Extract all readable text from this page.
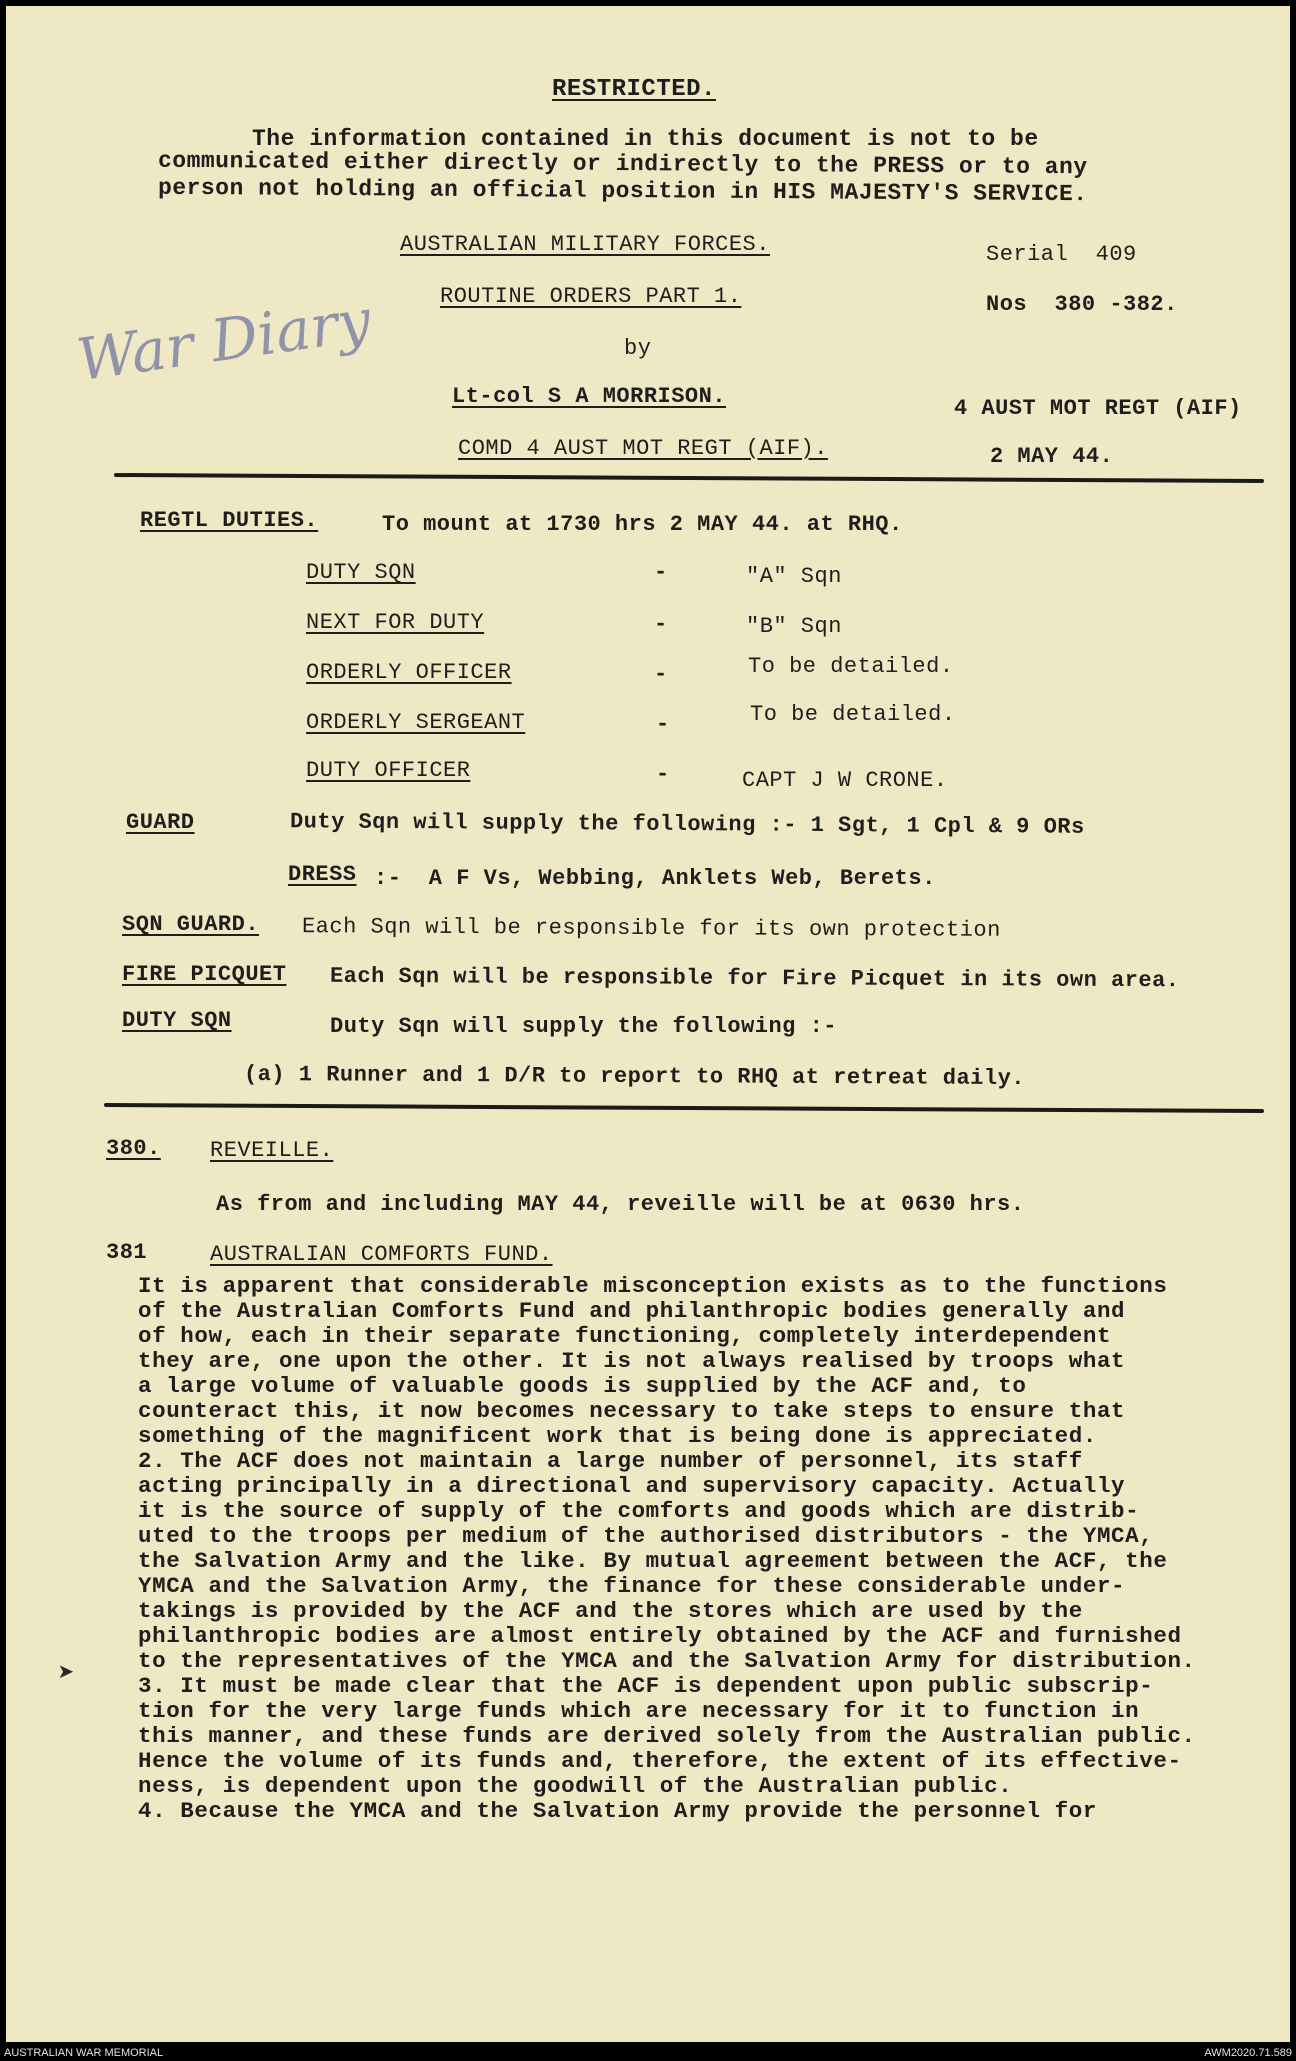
RESTRICTED.
The information contained in this document is not to be
communicated either directly or indirectly to the PRESS or to any
person not holding an official position in HIS MAJESTY'S SERVICE.
AUSTRALIAN MILITARY FORCES.
ROUTINE ORDERS PART 1.
by
Lt-col S A MORRISON.
COMD 4 AUST MOT REGT (AIF).
Serial  409
Nos  380 -382.
4 AUST MOT REGT (AIF)
2 MAY 44.
War Diary
REGTL DUTIES.	To mount at 1730 hrs 2 MAY 44. at RHQ.
DUTY SQN	-	"A" Sqn
NEXT FOR DUTY	-	"B" Sqn
ORDERLY OFFICER	-	To be detailed.
ORDERLY SERGEANT	-	To be detailed.
DUTY OFFICER	-	CAPT J W CRONE.
GUARD	Duty Sqn will supply the following :- 1 Sgt, 1 Cpl & 9 ORs
DRESS :-  A F Vs, Webbing, Anklets Web, Berets.
SQN GUARD. Each Sqn will be responsible for its own protection
FIRE PICQUET Each Sqn will be responsible for Fire Picquet in its own area.
DUTY SQN	Duty Sqn will supply the following :-
(a) 1 Runner and 1 D/R to report to RHQ at retreat daily.
380. REVEILLE.
As from and including MAY 44, reveille will be at 0630 hrs.
381	AUSTRALIAN COMFORTS FUND.

It is apparent that considerable misconception exists as to the functions

of the Australian Comforts Fund and philanthropic bodies generally and

of how, each in their separate functioning, completely interdependent

they are, one upon the other. It is not always realised by troops what

a large volume of valuable goods is supplied by the ACF and, to

counteract this, it now becomes necessary to take steps to ensure that

something of the magnificent work that is being done is appreciated.

2. The ACF does not maintain a large number of personnel, its staff

acting principally in a directional and supervisory capacity. Actually

it is the source of supply of the comforts and goods which are distrib-

uted to the troops per medium of the authorised distributors - the YMCA,

the Salvation Army and the like. By mutual agreement between the ACF, the

YMCA and the Salvation Army, the finance for these considerable under-

takings is provided by the ACF and the stores which are used by the

philanthropic bodies are almost entirely obtained by the ACF and furnished

to the representatives of the YMCA and the Salvation Army for distribution.

3. It must be made clear that the ACF is dependent upon public subscrip-

tion for the very large funds which are necessary for it to function in

this manner, and these funds are derived solely from the Australian public.

Hence the volume of its funds and, therefore, the extent of its effective-

ness, is dependent upon the goodwill of the Australian public.

4. Because the YMCA and the Salvation Army provide the personnel for

➤
AUSTRALIAN WAR MEMORIAL	AWM2020.71.589
